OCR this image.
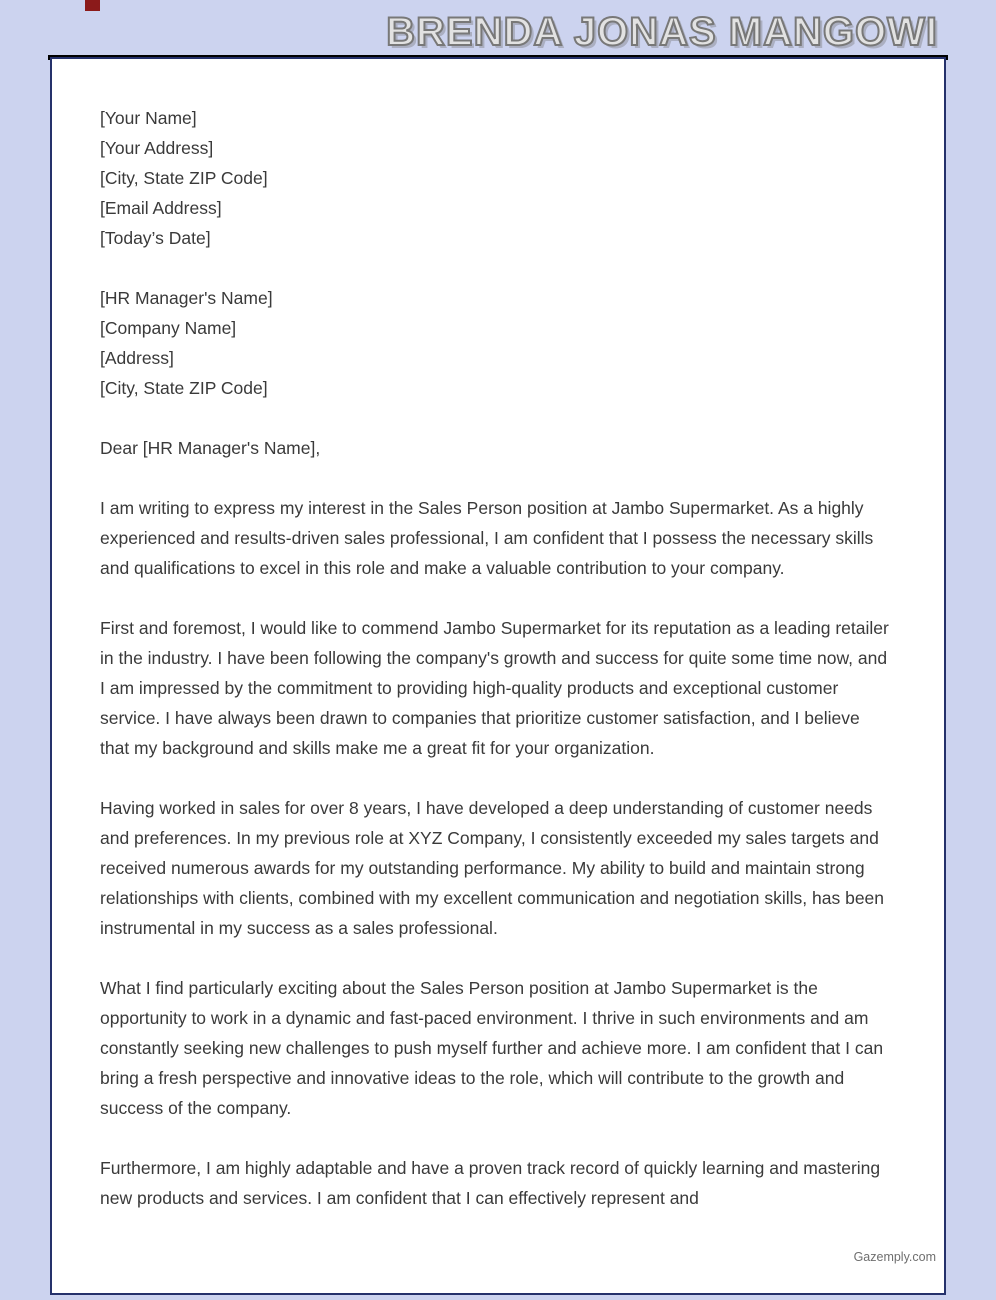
BRENDA JONAS MANGOWI

[Your Name]

[Your Address]

[City, State ZIP Code]

[Email Address]

[Today’s Date]

[HR Manager's Name]

[Company Name]

[Address]

[City, State ZIP Code]

Dear [HR Manager's Name],

I am writing to express my interest in the Sales Person position at Jambo Supermarket. As a highly experienced and results-driven sales professional, I am confident that I possess the necessary skills and qualifications to excel in this role and make a valuable contribution to your company.

First and foremost, I would like to commend Jambo Supermarket for its reputation as a leading retailer in the industry. I have been following the company's growth and success for quite some time now, and I am impressed by the commitment to providing high-quality products and exceptional customer service. I have always been drawn to companies that prioritize customer satisfaction, and I believe that my background and skills make me a great fit for your organization.

Having worked in sales for over 8 years, I have developed a deep understanding of customer needs and preferences. In my previous role at XYZ Company, I consistently exceeded my sales targets and received numerous awards for my outstanding performance. My ability to build and maintain strong relationships with clients, combined with my excellent communication and negotiation skills, has been instrumental in my success as a sales professional.

What I find particularly exciting about the Sales Person position at Jambo Supermarket is the opportunity to work in a dynamic and fast-paced environment. I thrive in such environments and am constantly seeking new challenges to push myself further and achieve more. I am confident that I can bring a fresh perspective and innovative ideas to the role, which will contribute to the growth and success of the company.

Furthermore, I am highly adaptable and have a proven track record of quickly learning and mastering new products and services. I am confident that I can effectively represent and

Gazemply.com
